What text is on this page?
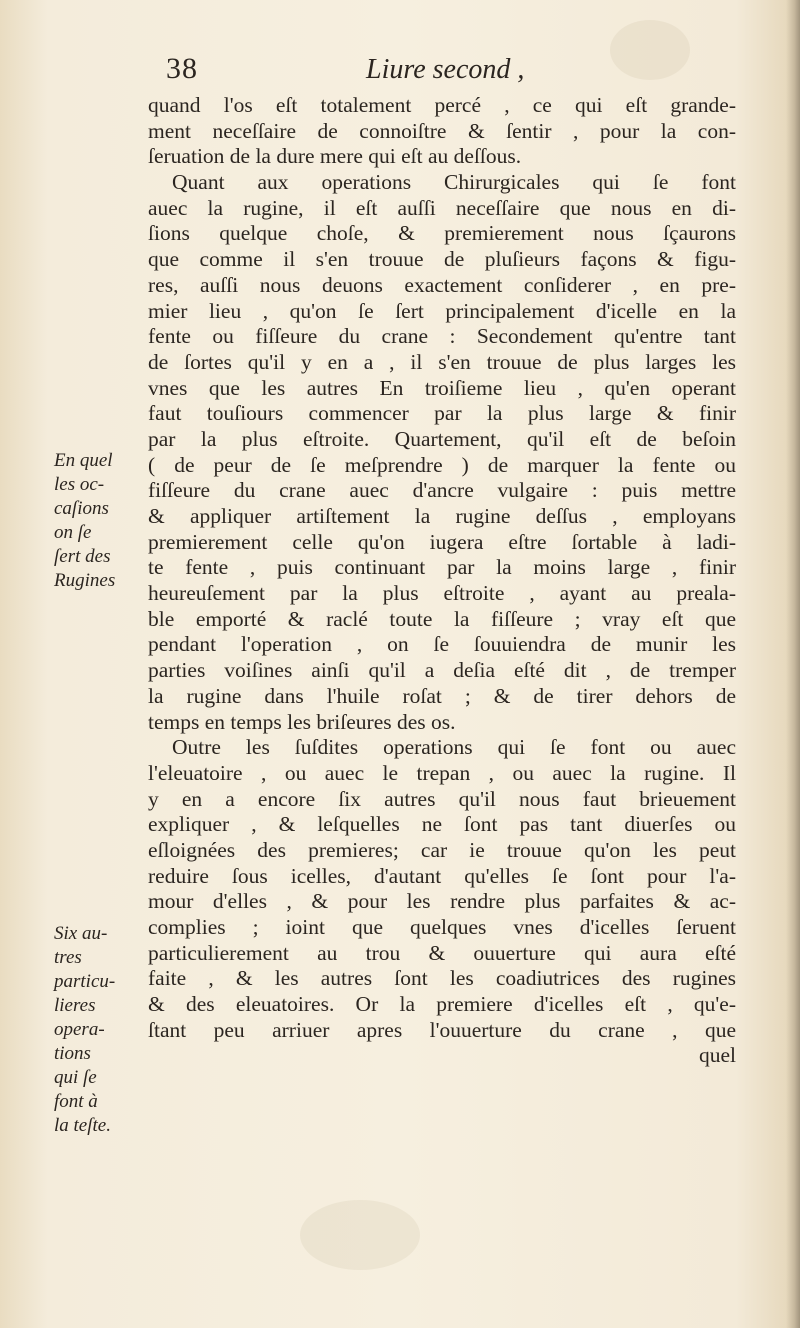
38	Liure second ,
quand l'os eſt totalement percé , ce qui eſt grande-
ment neceſſaire de connoiſtre & ſentir , pour la con-
ſeruation de la dure mere qui eſt au deſſous.
Quant aux operations Chirurgicales qui ſe font
auec la rugine, il eſt auſſi neceſſaire que nous en di-
ſions quelque choſe, & premierement nous ſçaurons
que comme il s'en trouue de pluſieurs façons & figu-
res, auſſi nous deuons exactement conſiderer , en pre-
mier lieu , qu'on ſe ſert principalement d'icelle en la
fente ou fiſſeure du crane : Secondement qu'entre tant
de ſortes qu'il y en a , il s'en trouue de plus larges les
vnes que les autres En troiſieme lieu , qu'en operant
faut touſiours commencer par la plus large & finir
par la plus eſtroite. Quartement, qu'il eſt de beſoin
( de peur de ſe meſprendre ) de marquer la fente ou
fiſſeure du crane auec d'ancre vulgaire : puis mettre
& appliquer artiſtement la rugine deſſus , employans
premierement celle qu'on iugera eſtre ſortable à ladi-
te fente , puis continuant par la moins large , finir
heureuſement par la plus eſtroite , ayant au preala-
ble emporté & raclé toute la fiſſeure ; vray eſt que
pendant l'operation , on ſe ſouuiendra de munir les
parties voiſines ainſi qu'il a deſia eſté dit , de tremper
la rugine dans l'huile roſat ; & de tirer dehors de
temps en temps les briſeures des os.
Outre les ſuſdites operations qui ſe font ou auec
l'eleuatoire , ou auec le trepan , ou auec la rugine. Il
y en a encore ſix autres qu'il nous faut brieuement
expliquer , & leſquelles ne ſont pas tant diuerſes ou
eſloignées des premieres; car ie trouue qu'on les peut
reduire ſous icelles, d'autant qu'elles ſe ſont pour l'a-
mour d'elles , & pour les rendre plus parfaites & ac-
complies ; ioint que quelques vnes d'icelles ſeruent
particulierement au trou & ouuerture qui aura eſté
faite , & les autres ſont les coadiutrices des rugines
& des eleuatoires. Or la premiere d'icelles eſt , qu'e-
ſtant peu arriuer apres l'ouuerture du crane , que
quel
En quel
les oc-
caſions
on ſe
ſert des
Rugines
Six au-
tres
particu-
lieres
opera-
tions
qui ſe
font à
la teſte.
